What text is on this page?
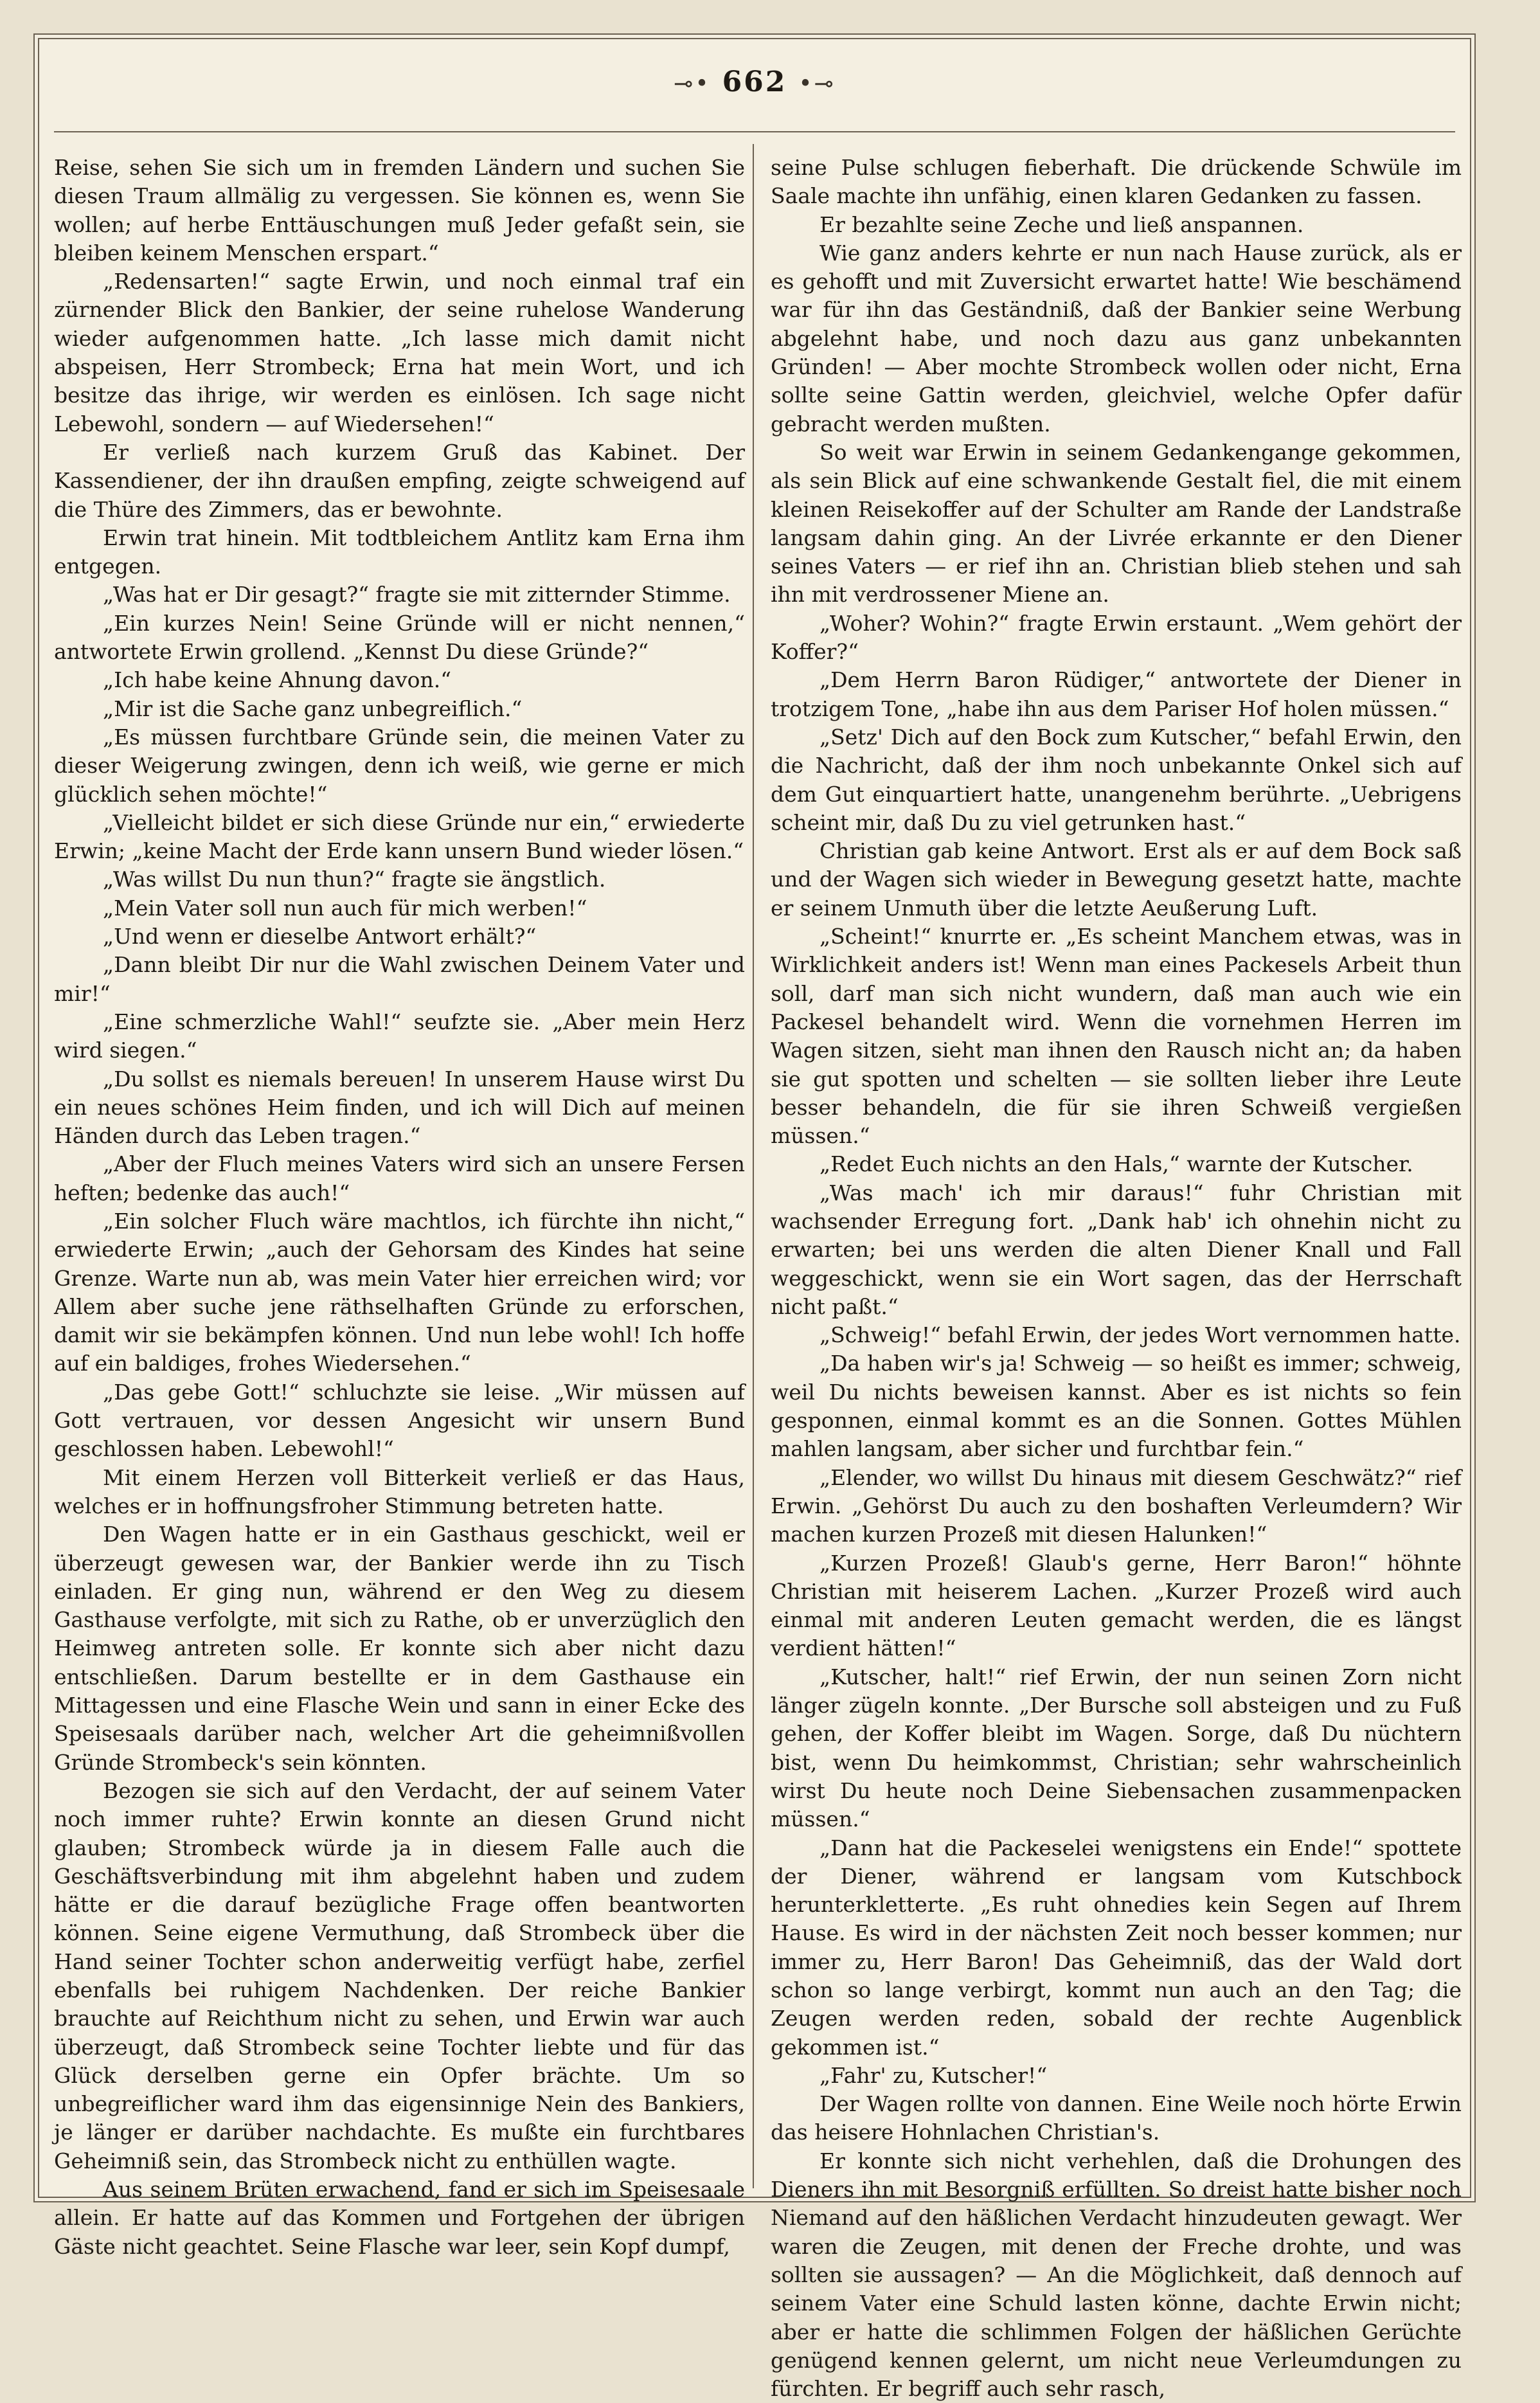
⊸• 662 •⊸

Reise, sehen Sie sich um in fremden Ländern und suchen Sie diesen Traum allmälig zu vergessen. Sie können es, wenn Sie wollen; auf herbe Enttäuschungen muß Jeder gefaßt sein, sie bleiben keinem Menschen erspart.“

„Redensarten!“ sagte Erwin, und noch einmal traf ein zürnender Blick den Bankier, der seine ruhelose Wanderung wieder aufgenommen hatte. „Ich lasse mich damit nicht abspeisen, Herr Strombeck; Erna hat mein Wort, und ich besitze das ihrige, wir werden es einlösen. Ich sage nicht Lebewohl, sondern — auf Wiedersehen!“

Er verließ nach kurzem Gruß das Kabinet. Der Kassendiener, der ihn draußen empfing, zeigte schweigend auf die Thüre des Zimmers, das er bewohnte.

Erwin trat hinein. Mit todtbleichem Antlitz kam Erna ihm entgegen.

„Was hat er Dir gesagt?“ fragte sie mit zitternder Stimme.

„Ein kurzes Nein! Seine Gründe will er nicht nennen,“ antwortete Erwin grollend. „Kennst Du diese Gründe?“

„Ich habe keine Ahnung davon.“

„Mir ist die Sache ganz unbegreiflich.“

„Es müssen furchtbare Gründe sein, die meinen Vater zu dieser Weigerung zwingen, denn ich weiß, wie gerne er mich glücklich sehen möchte!“

„Vielleicht bildet er sich diese Gründe nur ein,“ erwiederte Erwin; „keine Macht der Erde kann unsern Bund wieder lösen.“

„Was willst Du nun thun?“ fragte sie ängstlich.

„Mein Vater soll nun auch für mich werben!“

„Und wenn er dieselbe Antwort erhält?“

„Dann bleibt Dir nur die Wahl zwischen Deinem Vater und mir!“

„Eine schmerzliche Wahl!“ seufzte sie. „Aber mein Herz wird siegen.“

„Du sollst es niemals bereuen! In unserem Hause wirst Du ein neues schönes Heim finden, und ich will Dich auf meinen Händen durch das Leben tragen.“

„Aber der Fluch meines Vaters wird sich an unsere Fersen heften; bedenke das auch!“

„Ein solcher Fluch wäre machtlos, ich fürchte ihn nicht,“ erwiederte Erwin; „auch der Gehorsam des Kindes hat seine Grenze. Warte nun ab, was mein Vater hier erreichen wird; vor Allem aber suche jene räthselhaften Gründe zu erforschen, damit wir sie bekämpfen können. Und nun lebe wohl! Ich hoffe auf ein baldiges, frohes Wiedersehen.“

„Das gebe Gott!“ schluchzte sie leise. „Wir müssen auf Gott vertrauen, vor dessen Angesicht wir unsern Bund geschlossen haben. Lebewohl!“

Mit einem Herzen voll Bitterkeit verließ er das Haus, welches er in hoffnungsfroher Stimmung betreten hatte.

Den Wagen hatte er in ein Gasthaus geschickt, weil er überzeugt gewesen war, der Bankier werde ihn zu Tisch einladen. Er ging nun, während er den Weg zu diesem Gasthause verfolgte, mit sich zu Rathe, ob er unverzüglich den Heimweg antreten solle. Er konnte sich aber nicht dazu entschließen. Darum bestellte er in dem Gasthause ein Mittagessen und eine Flasche Wein und sann in einer Ecke des Speisesaals darüber nach, welcher Art die geheimnißvollen Gründe Strombeck's sein könnten.

Bezogen sie sich auf den Verdacht, der auf seinem Vater noch immer ruhte? Erwin konnte an diesen Grund nicht glauben; Strombeck würde ja in diesem Falle auch die Geschäftsverbindung mit ihm abgelehnt haben und zudem hätte er die darauf bezügliche Frage offen beantworten können. Seine eigene Vermuthung, daß Strombeck über die Hand seiner Tochter schon anderweitig verfügt habe, zerfiel ebenfalls bei ruhigem Nachdenken. Der reiche Bankier brauchte auf Reichthum nicht zu sehen, und Erwin war auch überzeugt, daß Strombeck seine Tochter liebte und für das Glück derselben gerne ein Opfer brächte. Um so unbegreiflicher ward ihm das eigensinnige Nein des Bankiers, je länger er darüber nachdachte. Es mußte ein furchtbares Geheimniß sein, das Strombeck nicht zu enthüllen wagte.

Aus seinem Brüten erwachend, fand er sich im Speisesaale allein. Er hatte auf das Kommen und Fortgehen der übrigen Gäste nicht geachtet. Seine Flasche war leer, sein Kopf dumpf,

seine Pulse schlugen fieberhaft. Die drückende Schwüle im Saale machte ihn unfähig, einen klaren Gedanken zu fassen.

Er bezahlte seine Zeche und ließ anspannen.

Wie ganz anders kehrte er nun nach Hause zurück, als er es gehofft und mit Zuversicht erwartet hatte! Wie beschämend war für ihn das Geständniß, daß der Bankier seine Werbung abgelehnt habe, und noch dazu aus ganz unbekannten Gründen! — Aber mochte Strombeck wollen oder nicht, Erna sollte seine Gattin werden, gleichviel, welche Opfer dafür gebracht werden mußten.

So weit war Erwin in seinem Gedankengange gekommen, als sein Blick auf eine schwankende Gestalt fiel, die mit einem kleinen Reisekoffer auf der Schulter am Rande der Landstraße langsam dahin ging. An der Livrée erkannte er den Diener seines Vaters — er rief ihn an. Christian blieb stehen und sah ihn mit verdrossener Miene an.

„Woher? Wohin?“ fragte Erwin erstaunt. „Wem gehört der Koffer?“

„Dem Herrn Baron Rüdiger,“ antwortete der Diener in trotzigem Tone, „habe ihn aus dem Pariser Hof holen müssen.“

„Setz' Dich auf den Bock zum Kutscher,“ befahl Erwin, den die Nachricht, daß der ihm noch unbekannte Onkel sich auf dem Gut einquartiert hatte, unangenehm berührte. „Uebrigens scheint mir, daß Du zu viel getrunken hast.“

Christian gab keine Antwort. Erst als er auf dem Bock saß und der Wagen sich wieder in Bewegung gesetzt hatte, machte er seinem Unmuth über die letzte Aeußerung Luft.

„Scheint!“ knurrte er. „Es scheint Manchem etwas, was in Wirklichkeit anders ist! Wenn man eines Packesels Arbeit thun soll, darf man sich nicht wundern, daß man auch wie ein Packesel behandelt wird. Wenn die vornehmen Herren im Wagen sitzen, sieht man ihnen den Rausch nicht an; da haben sie gut spotten und schelten — sie sollten lieber ihre Leute besser behandeln, die für sie ihren Schweiß vergießen müssen.“

„Redet Euch nichts an den Hals,“ warnte der Kutscher.

„Was mach' ich mir daraus!“ fuhr Christian mit wachsender Erregung fort. „Dank hab' ich ohnehin nicht zu erwarten; bei uns werden die alten Diener Knall und Fall weggeschickt, wenn sie ein Wort sagen, das der Herrschaft nicht paßt.“

„Schweig!“ befahl Erwin, der jedes Wort vernommen hatte.

„Da haben wir's ja! Schweig — so heißt es immer; schweig, weil Du nichts beweisen kannst. Aber es ist nichts so fein gesponnen, einmal kommt es an die Sonnen. Gottes Mühlen mahlen langsam, aber sicher und furchtbar fein.“

„Elender, wo willst Du hinaus mit diesem Geschwätz?“ rief Erwin. „Gehörst Du auch zu den boshaften Verleumdern? Wir machen kurzen Prozeß mit diesen Halunken!“

„Kurzen Prozeß! Glaub's gerne, Herr Baron!“ höhnte Christian mit heiserem Lachen. „Kurzer Prozeß wird auch einmal mit anderen Leuten gemacht werden, die es längst verdient hätten!“

„Kutscher, halt!“ rief Erwin, der nun seinen Zorn nicht länger zügeln konnte. „Der Bursche soll absteigen und zu Fuß gehen, der Koffer bleibt im Wagen. Sorge, daß Du nüchtern bist, wenn Du heimkommst, Christian; sehr wahrscheinlich wirst Du heute noch Deine Siebensachen zusammenpacken müssen.“

„Dann hat die Packeselei wenigstens ein Ende!“ spottete der Diener, während er langsam vom Kutschbock herunterkletterte. „Es ruht ohnedies kein Segen auf Ihrem Hause. Es wird in der nächsten Zeit noch besser kommen; nur immer zu, Herr Baron! Das Geheimniß, das der Wald dort schon so lange verbirgt, kommt nun auch an den Tag; die Zeugen werden reden, sobald der rechte Augenblick gekommen ist.“

„Fahr' zu, Kutscher!“

Der Wagen rollte von dannen. Eine Weile noch hörte Erwin das heisere Hohnlachen Christian's.

Er konnte sich nicht verhehlen, daß die Drohungen des Dieners ihn mit Besorgniß erfüllten. So dreist hatte bisher noch Niemand auf den häßlichen Verdacht hinzudeuten gewagt. Wer waren die Zeugen, mit denen der Freche drohte, und was sollten sie aussagen? — An die Möglichkeit, daß dennoch auf seinem Vater eine Schuld lasten könne, dachte Erwin nicht; aber er hatte die schlimmen Folgen der häßlichen Gerüchte genügend kennen gelernt, um nicht neue Verleumdungen zu fürchten. Er begriff auch sehr rasch,
